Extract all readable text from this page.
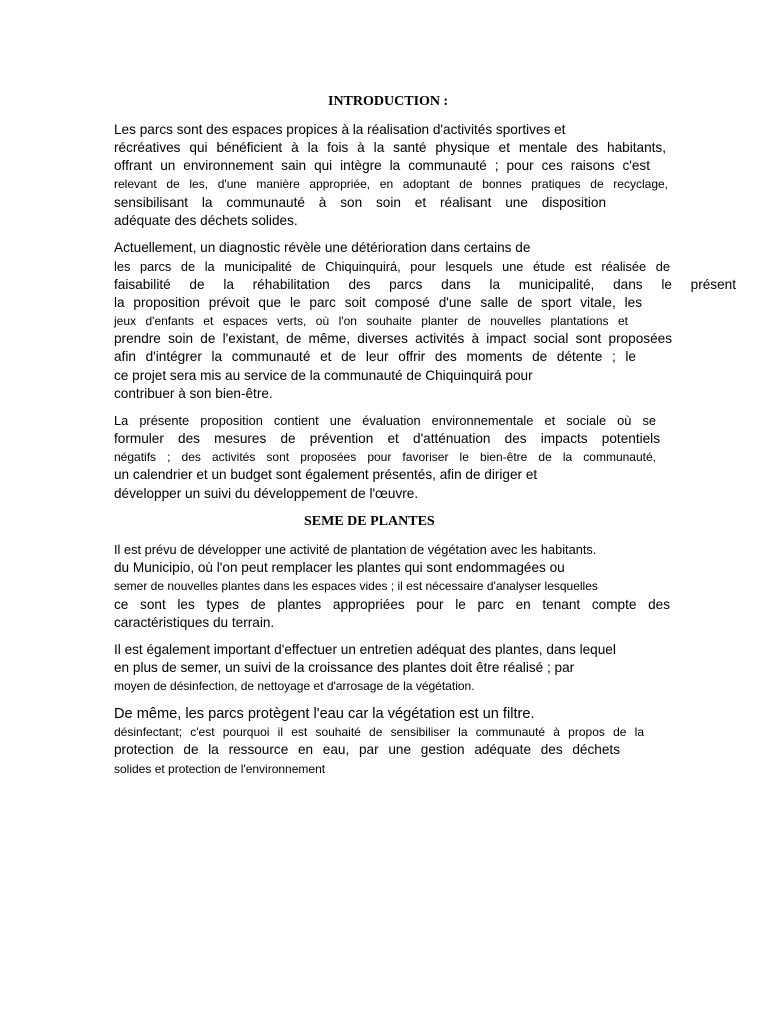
INTRODUCTION :
Les parcs sont des espaces propices à la réalisation d'activités sportives et
récréatives qui bénéficient à la fois à la santé physique et mentale des habitants,
offrant un environnement sain qui intègre la communauté ; pour ces raisons c'est
relevant de les, d'une manière appropriée, en adoptant de bonnes pratiques de recyclage,
sensibilisant la communauté à son soin et réalisant une disposition
adéquate des déchets solides.
Actuellement, un diagnostic révèle une détérioration dans certains de
les parcs de la municipalité de Chiquinquirá, pour lesquels une étude est réalisée de
faisabilité de la réhabilitation des parcs dans la municipalité, dans le présent
la proposition prévoit que le parc soit composé d'une salle de sport vitale, les
jeux d'enfants et espaces verts, où l'on souhaite planter de nouvelles plantations et
prendre soin de l'existant, de même, diverses activités à impact social sont proposées
afin d'intégrer la communauté et de leur offrir des moments de détente ; le
ce projet sera mis au service de la communauté de Chiquinquirá pour
contribuer à son bien-être.
La présente proposition contient une évaluation environnementale et sociale où se
formuler des mesures de prévention et d'atténuation des impacts potentiels
négatifs ; des activités sont proposées pour favoriser le bien-être de la communauté,
un calendrier et un budget sont également présentés, afin de diriger et
développer un suivi du développement de l'œuvre.
SEME DE PLANTES
Il est prévu de développer une activité de plantation de végétation avec les habitants.
du Municipio, où l'on peut remplacer les plantes qui sont endommagées ou
semer de nouvelles plantes dans les espaces vides ; il est nécessaire d'analyser lesquelles
ce sont les types de plantes appropriées pour le parc en tenant compte des
caractéristiques du terrain.
Il est également important d'effectuer un entretien adéquat des plantes, dans lequel
en plus de semer, un suivi de la croissance des plantes doit être réalisé ; par
moyen de désinfection, de nettoyage et d'arrosage de la végétation.
De même, les parcs protègent l'eau car la végétation est un filtre.
désinfectant; c'est pourquoi il est souhaité de sensibiliser la communauté à propos de la
protection de la ressource en eau, par une gestion adéquate des déchets
solides et protection de l'environnement
